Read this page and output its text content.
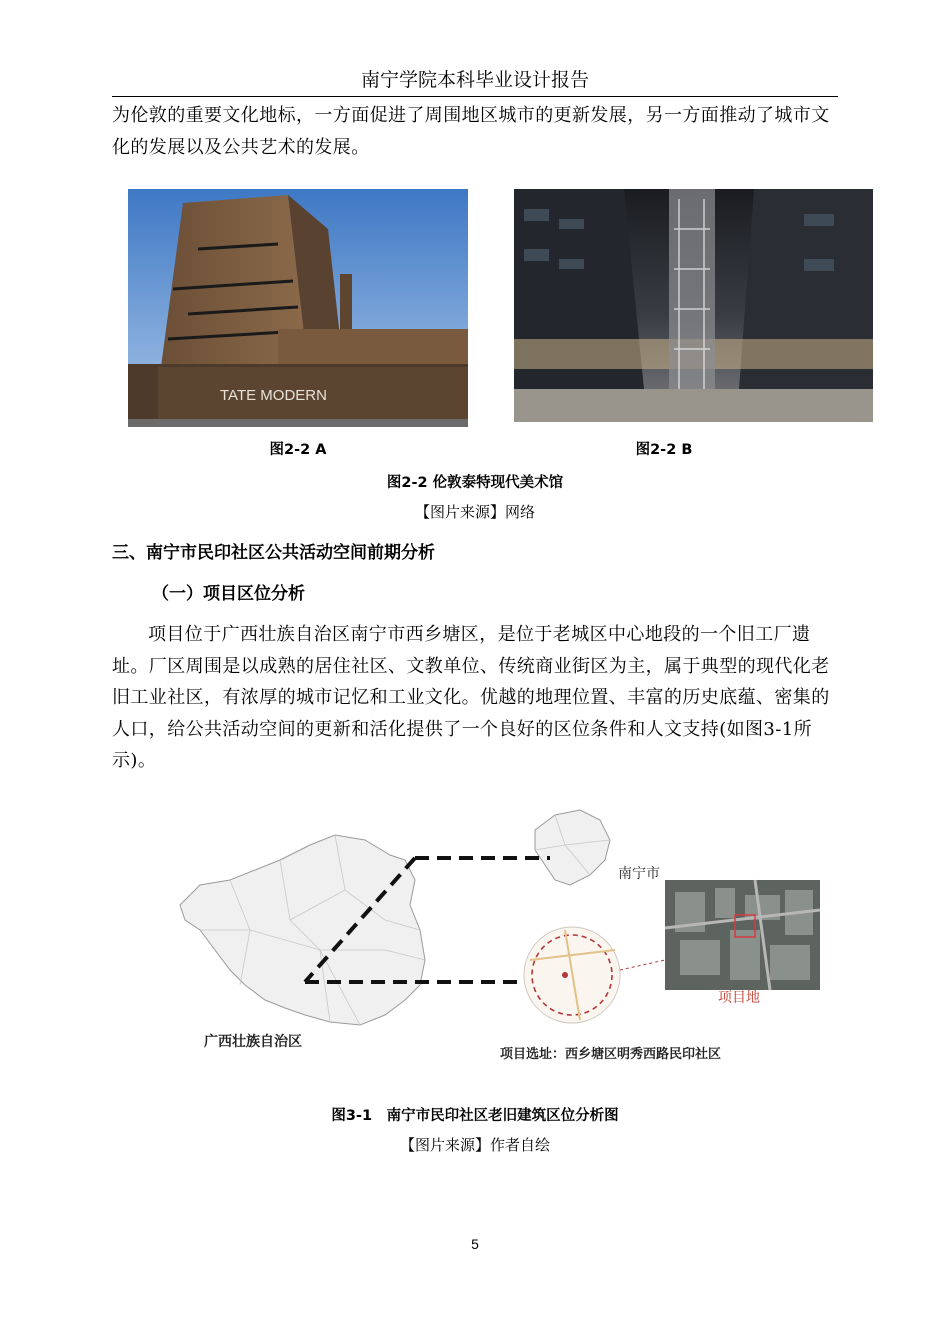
南宁学院本科毕业设计报告
为伦敦的重要文化地标，一方面促进了周围地区城市的更新发展，另一方面推动了城市文化的发展以及公共艺术的发展。
TATE MODERN
图2-2 A	图2-2 B
图2-2 伦敦泰特现代美术馆
【图片来源】网络
三、南宁市民印社区公共活动空间前期分析
（一）项目区位分析
项目位于广西壮族自治区南宁市西乡塘区，是位于老城区中心地段的一个旧工厂遗址。厂区周围是以成熟的居住社区、文教单位、传统商业街区为主，属于典型的现代化老旧工业社区，有浓厚的城市记忆和工业文化。优越的地理位置、丰富的历史底蕴、密集的人口，给公共活动空间的更新和活化提供了一个良好的区位条件和人文支持(如图3-1所示)。
广西壮族自治区
南宁市
项目地
项目选址：西乡塘区明秀西路民印社区
图3-1　南宁市民印社区老旧建筑区位分析图
【图片来源】作者自绘
5
